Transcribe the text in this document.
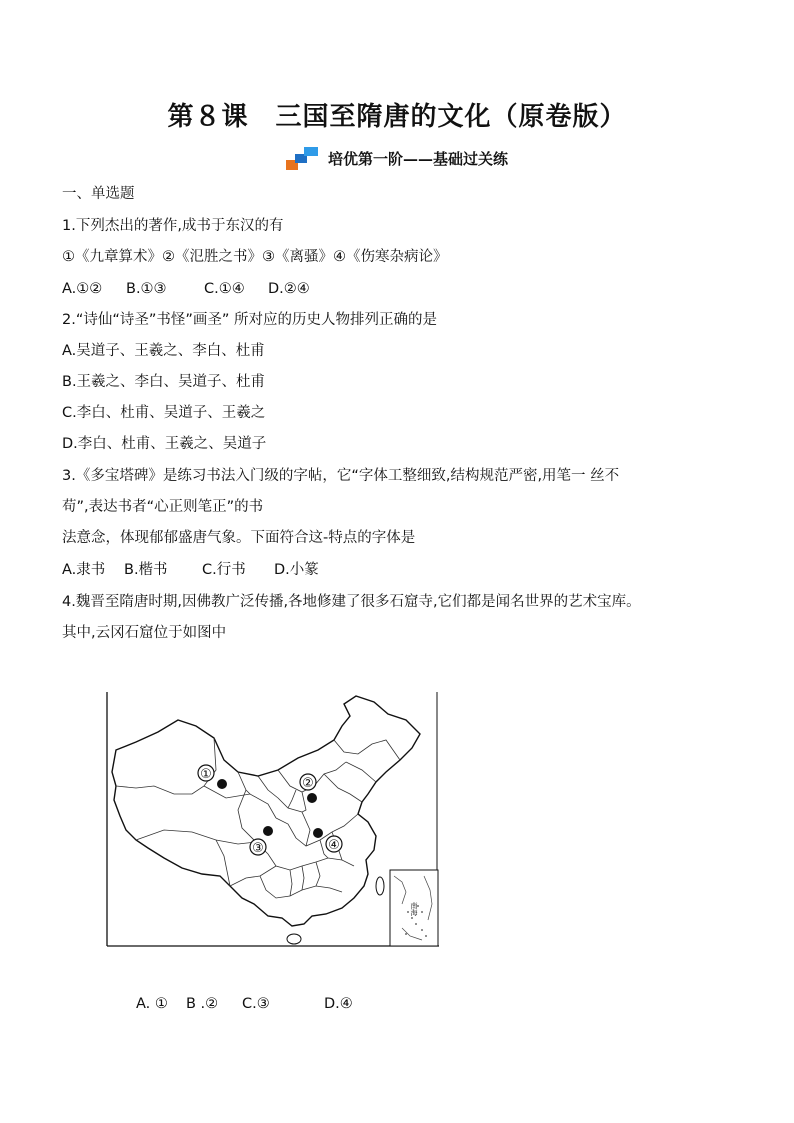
第８课　三国至隋唐的文化（原卷版）
培优第一阶——基础过关练
一、单选题
1.下列杰出的著作,成书于东汉的有
①《九章算术》②《氾胜之书》③《离骚》④《伤寒杂病论》
A.①② B.①③	C.①④ D.②④
2.“诗仙“诗圣”书怪”画圣” 所对应的历史人物排列正确的是
A.吴道子、王羲之、李白、杜甫
B.王羲之、李白、吴道子、杜甫
C.李白、杜甫、吴道子、王羲之
D.李白、杜甫、王羲之、吴道子
3.《多宝塔碑》是练习书法入门级的字帖，它“字体工整细致,结构规范严密,用笔一 丝不
苟”,表达书者“心正则笔正”的书
法意念，体现郁郁盛唐气象。下面符合这-特点的字体是
A.隶书 B.楷书 C.行书 D.小篆
4.魏晋至隋唐时期,因佛教广泛传播,各地修建了很多石窟寺,它们都是闻名世界的艺术宝库。
其中,云冈石窟位于如图中
南海
①
②
③	④
A. ① B .② C.③	D.④
